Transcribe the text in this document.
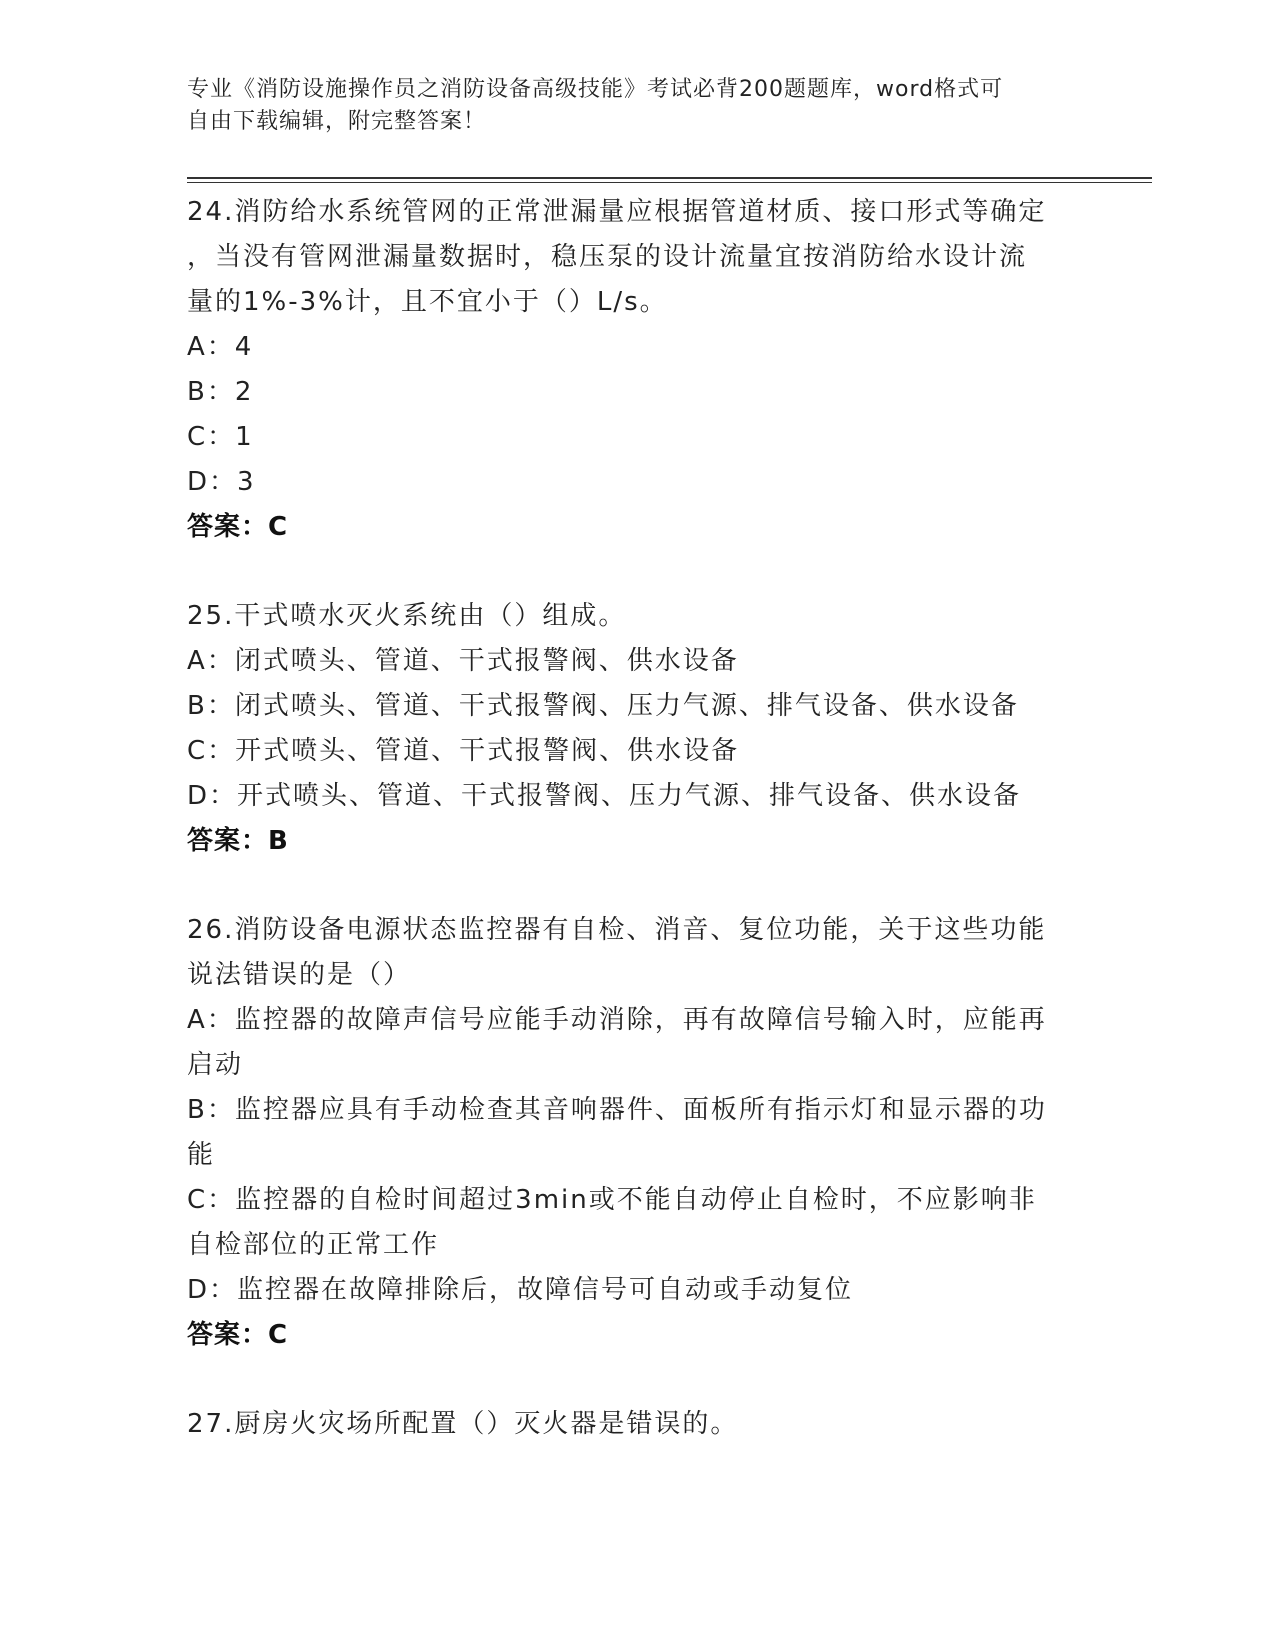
专业《消防设施操作员之消防设备高级技能》考试必背200题题库，word格式可

自由下载编辑，附完整答案！

24.消防给水系统管网的正常泄漏量应根据管道材质、接口形式等确定

，当没有管网泄漏量数据时，稳压泵的设计流量宜按消防给水设计流

量的1%-3%计，且不宜小于（）L/s。

A：4

B：2

C：1

D：3

答案：C

25.干式喷水灭火系统由（）组成。

A：闭式喷头、管道、干式报警阀、供水设备

B：闭式喷头、管道、干式报警阀、压力气源、排气设备、供水设备

C：开式喷头、管道、干式报警阀、供水设备

D：开式喷头、管道、干式报警阀、压力气源、排气设备、供水设备

答案：B

26.消防设备电源状态监控器有自检、消音、复位功能，关于这些功能

说法错误的是（）

A：监控器的故障声信号应能手动消除，再有故障信号输入时，应能再

启动

B：监控器应具有手动检查其音响器件、面板所有指示灯和显示器的功

能

C：监控器的自检时间超过3min或不能自动停止自检时，不应影响非

自检部位的正常工作

D：监控器在故障排除后，故障信号可自动或手动复位

答案：C

27.厨房火灾场所配置（）灭火器是错误的。
